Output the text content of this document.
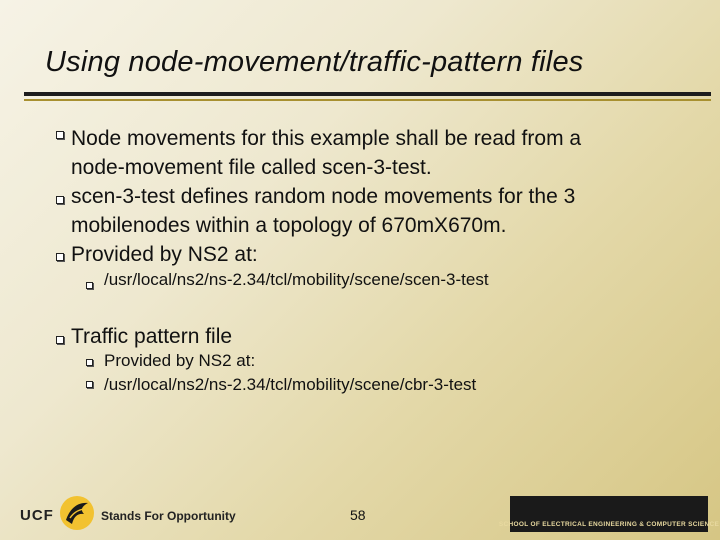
Using node-movement/traffic-pattern files
Node movements for this example shall be read from a
node-movement file called scen-3-test.
scen-3-test defines random node movements for the 3
mobilenodes within a topology of 670mX670m.
Provided by NS2 at:
/usr/local/ns2/ns-2.34/tcl/mobility/scene/scen-3-test
Traffic pattern file
Provided by NS2 at:
/usr/local/ns2/ns-2.34/tcl/mobility/scene/cbr-3-test
UCF	Stands For Opportunity	58
SCHOOL OF ELECTRICAL ENGINEERING & COMPUTER SCIENCE
